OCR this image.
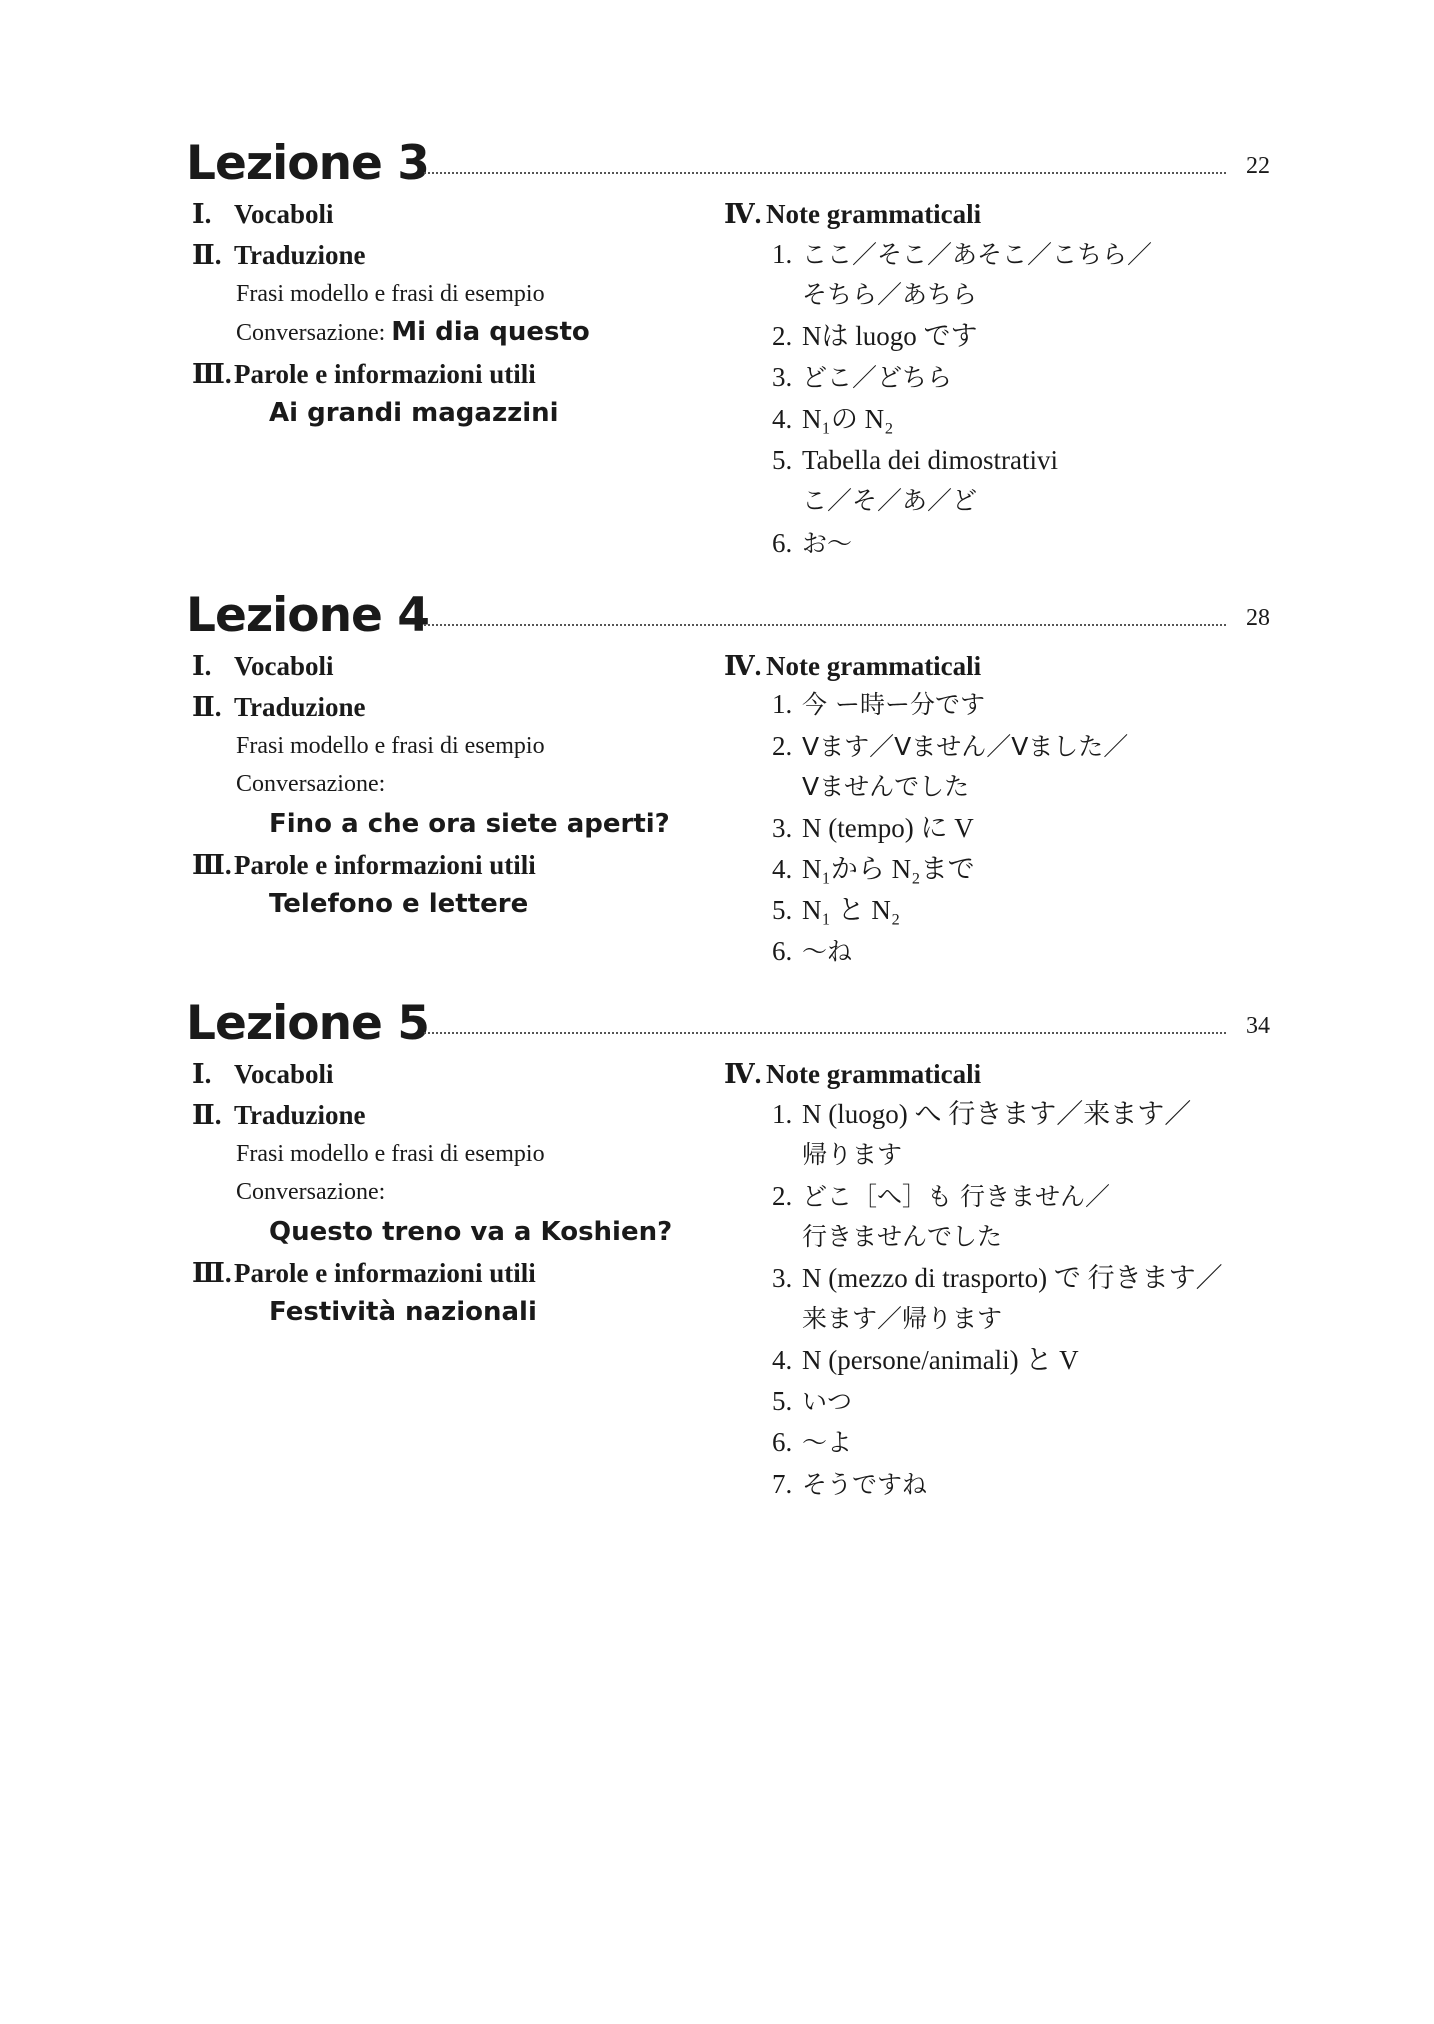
Lezione 3	22
Ⅰ. Vocaboli
Ⅱ. Traduzione
Frasi modello e frasi di esempio
Conversazione: Mi dia questo
Ⅲ.Parole e informazioni utili
Ai grandi magazzini
Ⅳ. Note grammaticali
1. ここ／そこ／あそこ／こちら／
そちら／あちら
2. Nは luogo です
3. どこ／どちら
4. N₁の N₂
5. Tabella dei dimostrativi
こ／そ／あ／ど
6. お～
Lezione 4	28
Ⅰ. Vocaboli
Ⅱ. Traduzione
Frasi modello e frasi di esempio
Conversazione:
Fino a che ora siete aperti?
Ⅲ.Parole e informazioni utili
Telefono e lettere
Ⅳ. Note grammaticali
1. 今 ー時ー分です
2. Vます／Vません／Vました／
Vませんでした
3. N (tempo) に V
4. N₁から N₂まで
5. N₁ と N₂
6. ～ね
Lezione 5	34
Ⅰ. Vocaboli
Ⅱ. Traduzione
Frasi modello e frasi di esempio
Conversazione:
Questo treno va a Koshien?
Ⅲ.Parole e informazioni utili
Festività nazionali
Ⅳ. Note grammaticali
1. N (luogo) へ 行きます／来ます／
帰ります
2. どこ［へ］も 行きません／
行きませんでした
3. N (mezzo di trasporto) で 行きます／
来ます／帰ります
4. N (persone/animali) と V
5. いつ
6. ～よ
7. そうですね
